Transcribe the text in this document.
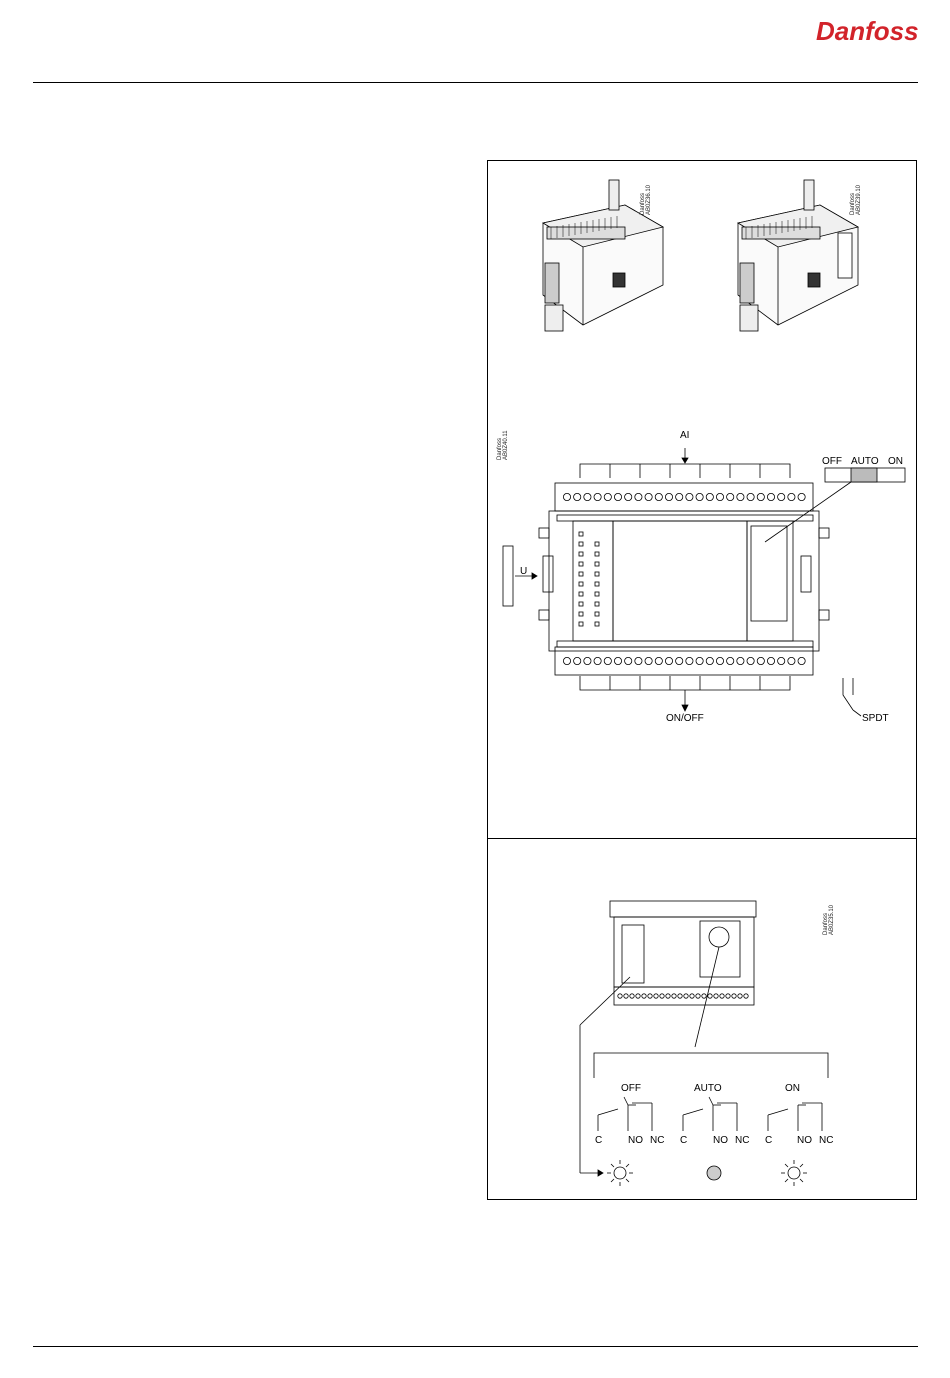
Danfoss
Danfoss
AB0Z36.10	Danfoss
AB0Z39.10
Danfoss
AB0Z40.11	AI
OFF AUTO ON
U
ON/OFF	SPDT
Danfoss
AB0Z35.10
OFF	AUTO	ON
C	NO NC C	NO NC C NO NC
